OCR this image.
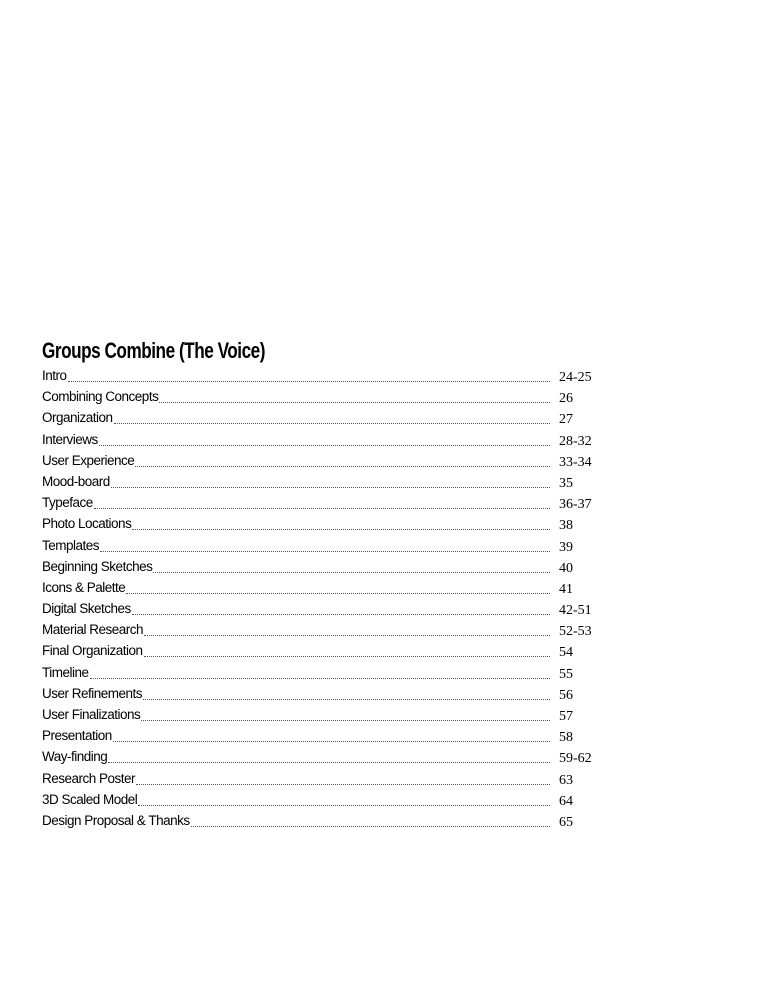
Groups Combine (The Voice)
Intro	24-25
Combining Concepts	26
Organization	27
Interviews	28-32
User Experience	33-34
Mood-board	35
Typeface	36-37
Photo Locations	38
Templates	39
Beginning Sketches	40
Icons & Palette	41
Digital Sketches	42-51
Material Research	52-53
Final Organization	54
Timeline	55
User Refinements	56
User Finalizations	57
Presentation	58
Way-finding	59-62
Research Poster	63
3D Scaled Model	64
Design Proposal & Thanks	65
